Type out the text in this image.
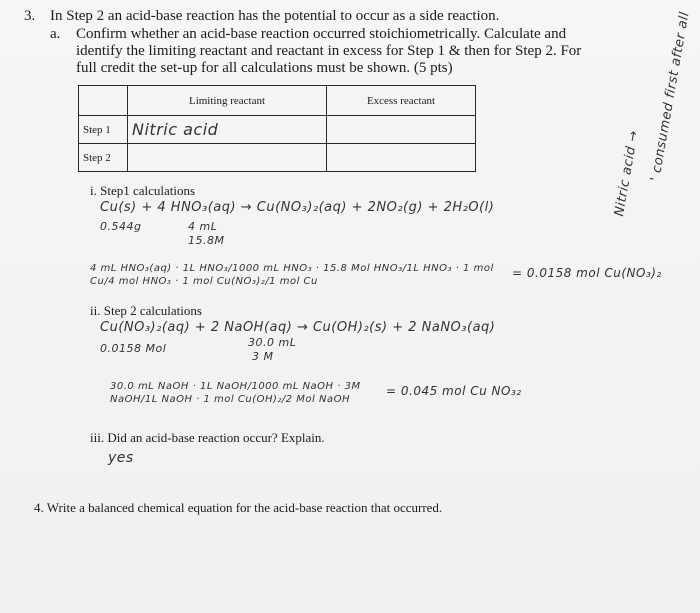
3. In Step 2 an acid-base reaction has the potential to occur as a side reaction.
a. Confirm whether an acid-base reaction occurred stoichiometrically. Calculate and identify the limiting reactant and reactant in excess for Step 1 & then for Step 2. For full credit the set-up for all calculations must be shown. (5 pts)
	Limiting reactant	Excess reactant
Step 1	Nitric acid	
Step 2		
i. Step1 calculations
Cu(s) + 4 HNO₃(aq) → Cu(NO₃)₂(aq) + 2NO₂(g) + 2H₂O(l)
0.544g	4 mL
15.8M
4 mL HNO₃(aq) · 1L HNO₃/1000 mL HNO₃ · 15.8 Mol HNO₃/1L HNO₃ · 1 mol Cu/4 mol HNO₃ · 1 mol Cu(NO₃)₂/1 mol Cu
= 0.0158 mol Cu(NO₃)₂
ii. Step 2 calculations
Cu(NO₃)₂(aq) + 2 NaOH(aq) → Cu(OH)₂(s) + 2 NaNO₃(aq)
0.0158 Mol	30.0 mL
3 M
30.0 mL NaOH · 1L NaOH/1000 mL NaOH · 3M NaOH/1L NaOH · 1 mol Cu(OH)₂/2 Mol NaOH
= 0.045 mol Cu NO₃₂
iii. Did an acid-base reaction occur? Explain.
yes
4. Write a balanced chemical equation for the acid-base reaction that occurred.
Nitric acid → ' consumed first after all
